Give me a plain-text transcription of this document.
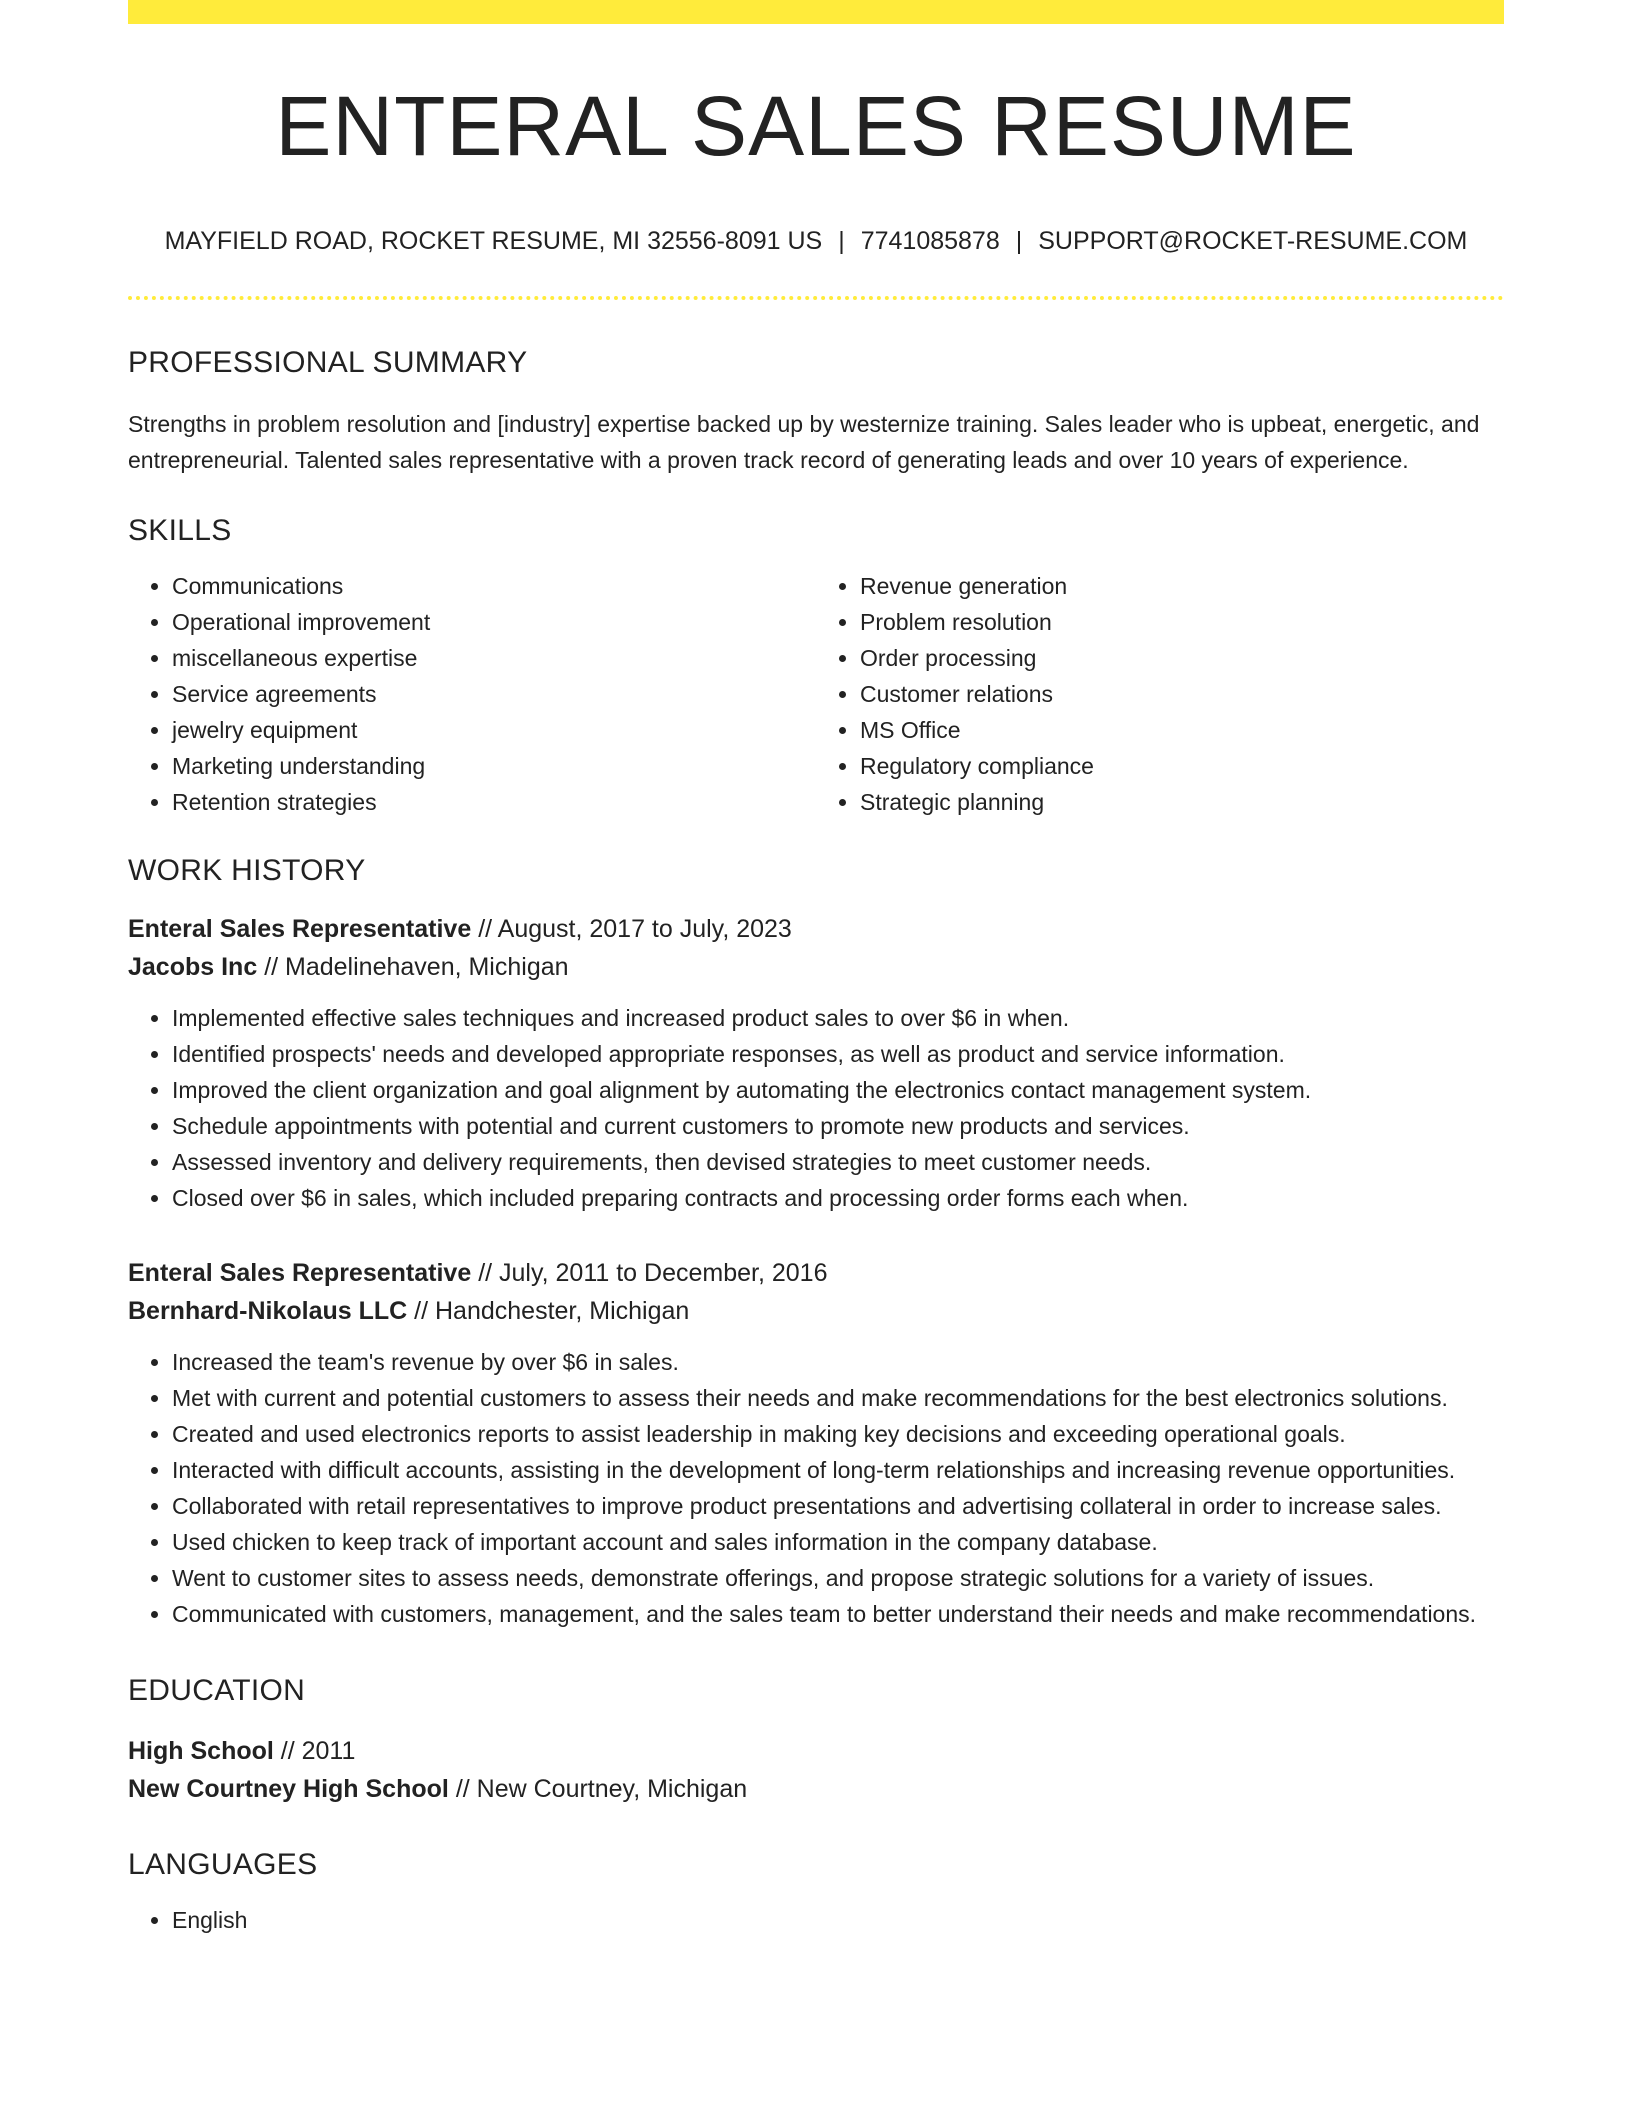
ENTERAL SALES RESUME
MAYFIELD ROAD, ROCKET RESUME, MI 32556-8091 US | 7741085878 | SUPPORT@ROCKET-RESUME.COM
PROFESSIONAL SUMMARY
Strengths in problem resolution and [industry] expertise backed up by westernize training. Sales leader who is upbeat, energetic, and entrepreneurial. Talented sales representative with a proven track record of generating leads and over 10 years of experience.
SKILLS
• Communications
• Operational improvement
• miscellaneous expertise
• Service agreements
• jewelry equipment
• Marketing understanding
• Retention strategies
• Revenue generation
• Problem resolution
• Order processing
• Customer relations
• MS Office
• Regulatory compliance
• Strategic planning
WORK HISTORY
Enteral Sales Representative // August, 2017 to July, 2023
Jacobs Inc // Madelinehaven, Michigan
• Implemented effective sales techniques and increased product sales to over $6 in when.
• Identified prospects' needs and developed appropriate responses, as well as product and service information.
• Improved the client organization and goal alignment by automating the electronics contact management system.
• Schedule appointments with potential and current customers to promote new products and services.
• Assessed inventory and delivery requirements, then devised strategies to meet customer needs.
• Closed over $6 in sales, which included preparing contracts and processing order forms each when.
Enteral Sales Representative // July, 2011 to December, 2016
Bernhard-Nikolaus LLC // Handchester, Michigan
• Increased the team's revenue by over $6 in sales.
• Met with current and potential customers to assess their needs and make recommendations for the best electronics solutions.
• Created and used electronics reports to assist leadership in making key decisions and exceeding operational goals.
• Interacted with difficult accounts, assisting in the development of long-term relationships and increasing revenue opportunities.
• Collaborated with retail representatives to improve product presentations and advertising collateral in order to increase sales.
• Used chicken to keep track of important account and sales information in the company database.
• Went to customer sites to assess needs, demonstrate offerings, and propose strategic solutions for a variety of issues.
• Communicated with customers, management, and the sales team to better understand their needs and make recommendations.
EDUCATION
High School // 2011
New Courtney High School // New Courtney, Michigan
LANGUAGES
• English
